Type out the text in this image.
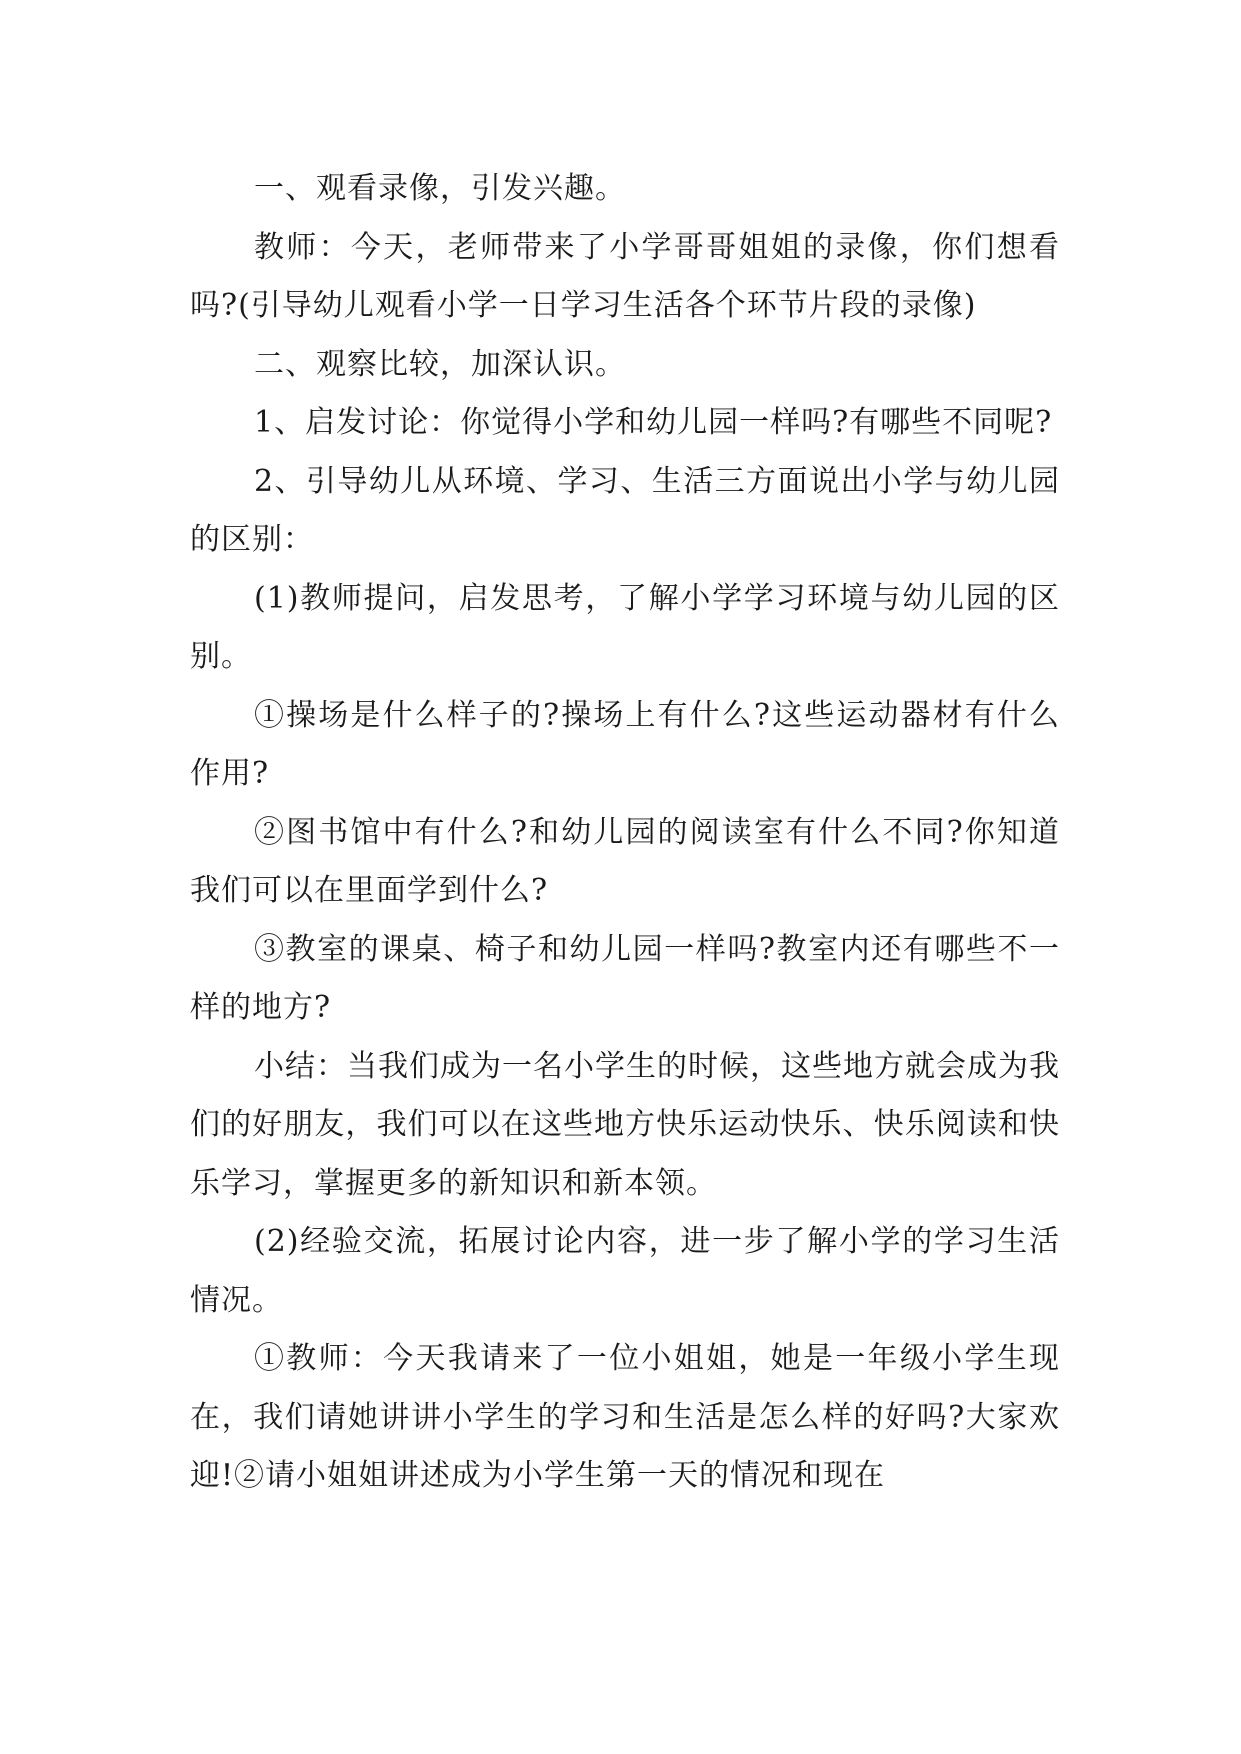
一、观看录像，引发兴趣。

教师：今天，老师带来了小学哥哥姐姐的录像，你们想看吗?(引导幼儿观看小学一日学习生活各个环节片段的录像)

二、观察比较，加深认识。

1、启发讨论：你觉得小学和幼儿园一样吗?有哪些不同呢?

2、引导幼儿从环境、学习、生活三方面说出小学与幼儿园的区别：

(1)教师提问，启发思考，了解小学学习环境与幼儿园的区别。

①操场是什么样子的?操场上有什么?这些运动器材有什么作用?

②图书馆中有什么?和幼儿园的阅读室有什么不同?你知道我们可以在里面学到什么?

③教室的课桌、椅子和幼儿园一样吗?教室内还有哪些不一样的地方?

小结：当我们成为一名小学生的时候，这些地方就会成为我们的好朋友，我们可以在这些地方快乐运动快乐、快乐阅读和快乐学习，掌握更多的新知识和新本领。

(2)经验交流，拓展讨论内容，进一步了解小学的学习生活情况。

①教师：今天我请来了一位小姐姐，她是一年级小学生现在，我们请她讲讲小学生的学习和生活是怎么样的好吗?大家欢迎!②请小姐姐讲述成为小学生第一天的情况和现在
